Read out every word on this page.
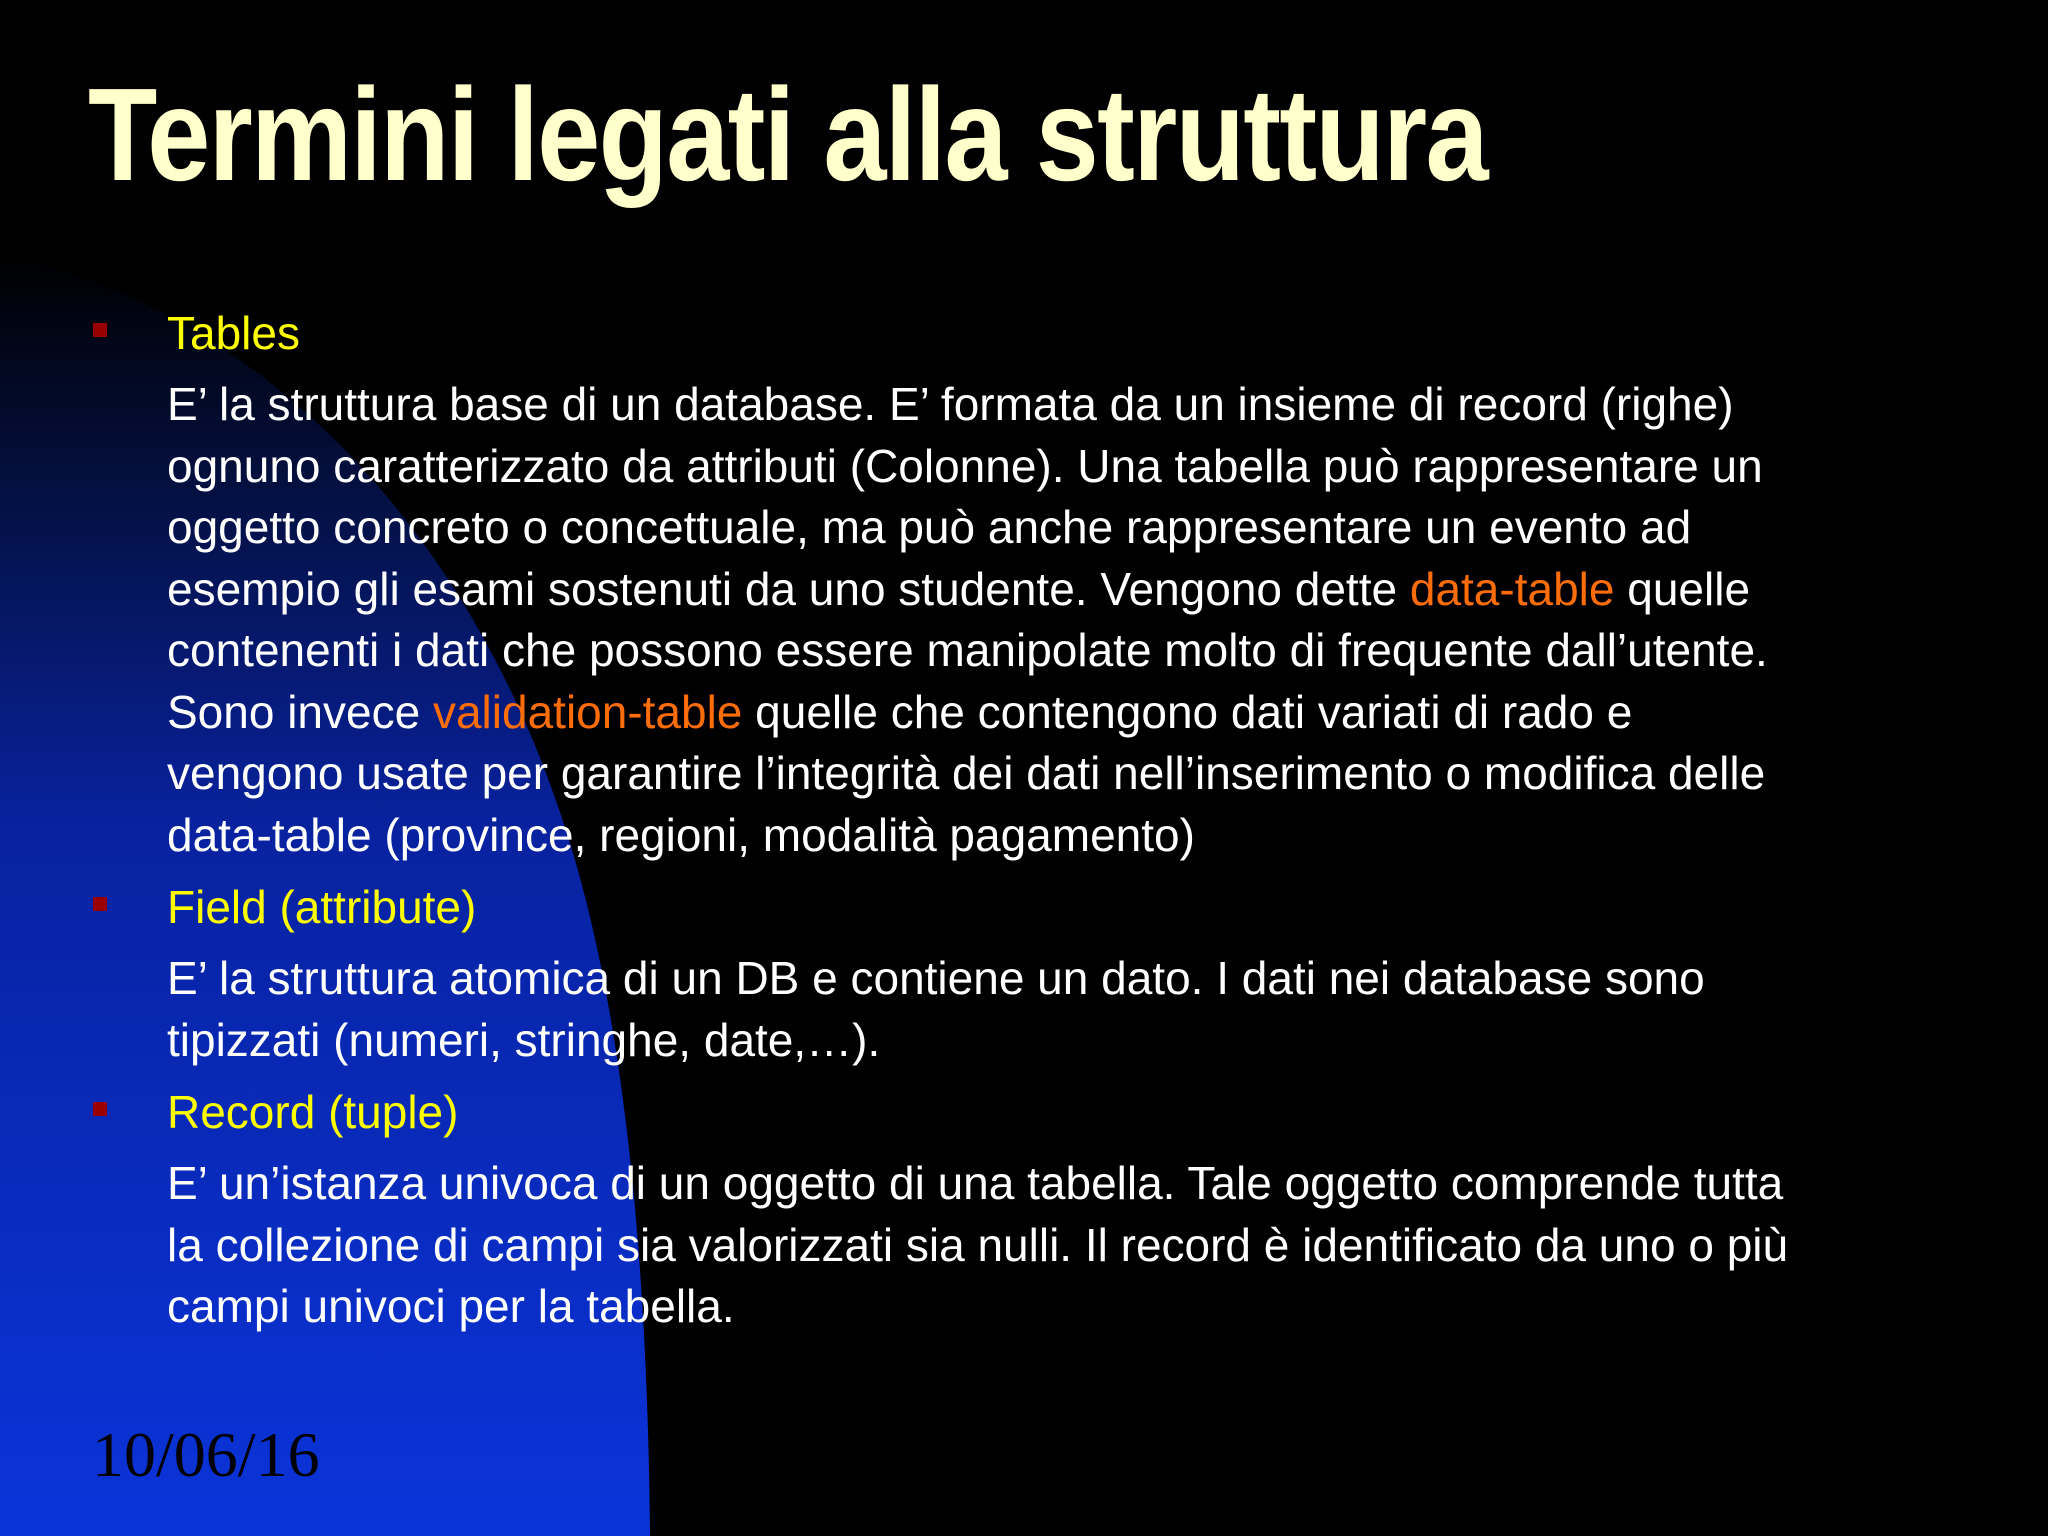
Termini legati alla struttura
Tables
E’ la struttura base di un database. E’ formata da un insieme di record (righe)
ognuno caratterizzato da attributi (Colonne). Una tabella può rappresentare un
oggetto concreto o concettuale, ma può anche rappresentare un evento ad
esempio gli esami sostenuti da uno studente. Vengono dette data-table quelle
contenenti i dati che possono essere manipolate molto di frequente dall’utente.
Sono invece validation-table quelle che contengono dati variati di rado e
vengono usate per garantire l’integrità dei dati nell’inserimento o modifica delle
data-table (province, regioni, modalità pagamento)
Field (attribute)
E’ la struttura atomica di un DB e contiene un dato. I dati nei database sono
tipizzati (numeri, stringhe, date,…).
Record (tuple)
E’ un’istanza univoca di un oggetto di una tabella. Tale oggetto comprende tutta
la collezione di campi sia valorizzati sia nulli. Il record è identificato da uno o più
campi univoci per la tabella.
10/06/16
